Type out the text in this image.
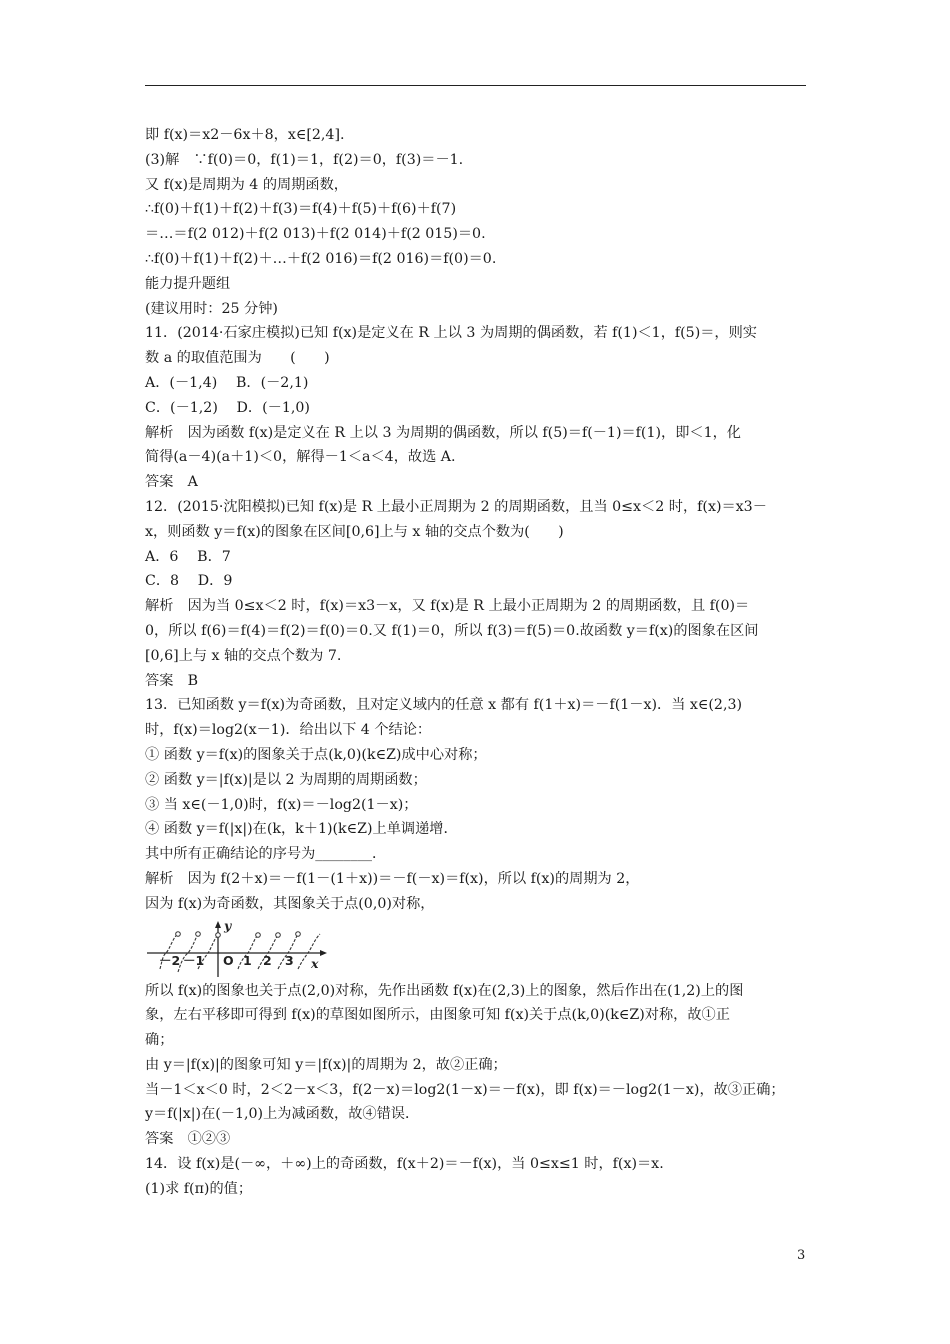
即 f(x)＝x2－6x＋8，x∈[2,4].
(3)解　∵f(0)＝0，f(1)＝1，f(2)＝0，f(3)＝－1.
又 f(x)是周期为 4 的周期函数，
∴f(0)＋f(1)＋f(2)＋f(3)＝f(4)＋f(5)＋f(6)＋f(7)
＝…＝f(2 012)＋f(2 013)＋f(2 014)＋f(2 015)＝0.
∴f(0)＋f(1)＋f(2)＋…＋f(2 016)＝f(2 016)＝f(0)＝0.
能力提升题组
(建议用时：25 分钟)
11．(2014·石家庄模拟)已知 f(x)是定义在 R 上以 3 为周期的偶函数，若 f(1)＜1，f(5)＝，则实
数 a 的取值范围为　　(　　)
A．(－1,4)　 B．(－2,1)
C．(－1,2)　 D．(－1,0)
解析　因为函数 f(x)是定义在 R 上以 3 为周期的偶函数，所以 f(5)＝f(－1)＝f(1)，即＜1，化
简得(a－4)(a＋1)＜0，解得－1＜a＜4，故选 A.
答案　A
12．(2015·沈阳模拟)已知 f(x)是 R 上最小正周期为 2 的周期函数，且当 0≤x＜2 时，f(x)＝x3－
x，则函数 y＝f(x)的图象在区间[0,6]上与 x 轴的交点个数为(　　)
A．6　 B．7
C．8　 D．9
解析　因为当 0≤x＜2 时，f(x)＝x3－x，又 f(x)是 R 上最小正周期为 2 的周期函数，且 f(0)＝
0，所以 f(6)＝f(4)＝f(2)＝f(0)＝0.又 f(1)＝0，所以 f(3)＝f(5)＝0.故函数 y＝f(x)的图象在区间
[0,6]上与 x 轴的交点个数为 7.
答案　B
13．已知函数 y＝f(x)为奇函数，且对定义域内的任意 x 都有 f(1＋x)＝－f(1－x)．当 x∈(2,3)
时，f(x)＝log2(x－1)．给出以下 4 个结论：
① 函数 y＝f(x)的图象关于点(k,0)(k∈Z)成中心对称；
② 函数 y＝|f(x)|是以 2 为周期的周期函数；
③ 当 x∈(－1,0)时，f(x)＝－log2(1－x)；
④ 函数 y＝f(|x|)在(k，k＋1)(k∈Z)上单调递增．
其中所有正确结论的序号为________．
解析　因为 f(2＋x)＝－f(1－(1＋x))＝－f(－x)＝f(x)，所以 f(x)的周期为 2，
因为 f(x)为奇函数，其图象关于点(0,0)对称，
y
x
－2 －1 O 1 2 3
所以 f(x)的图象也关于点(2,0)对称，先作出函数 f(x)在(2,3)上的图象，然后作出在(1,2)上的图
象，左右平移即可得到 f(x)的草图如图所示，由图象可知 f(x)关于点(k,0)(k∈Z)对称，故①正
确；
由 y＝|f(x)|的图象可知 y＝|f(x)|的周期为 2，故②正确；
当－1＜x＜0 时，2＜2－x＜3，f(2－x)＝log2(1－x)＝－f(x)，即 f(x)＝－log2(1－x)，故③正确；
y＝f(|x|)在(－1,0)上为减函数，故④错误．
答案　①②③
14．设 f(x)是(－∞，＋∞)上的奇函数，f(x＋2)＝－f(x)，当 0≤x≤1 时，f(x)＝x.
(1)求 f(π)的值；
3
